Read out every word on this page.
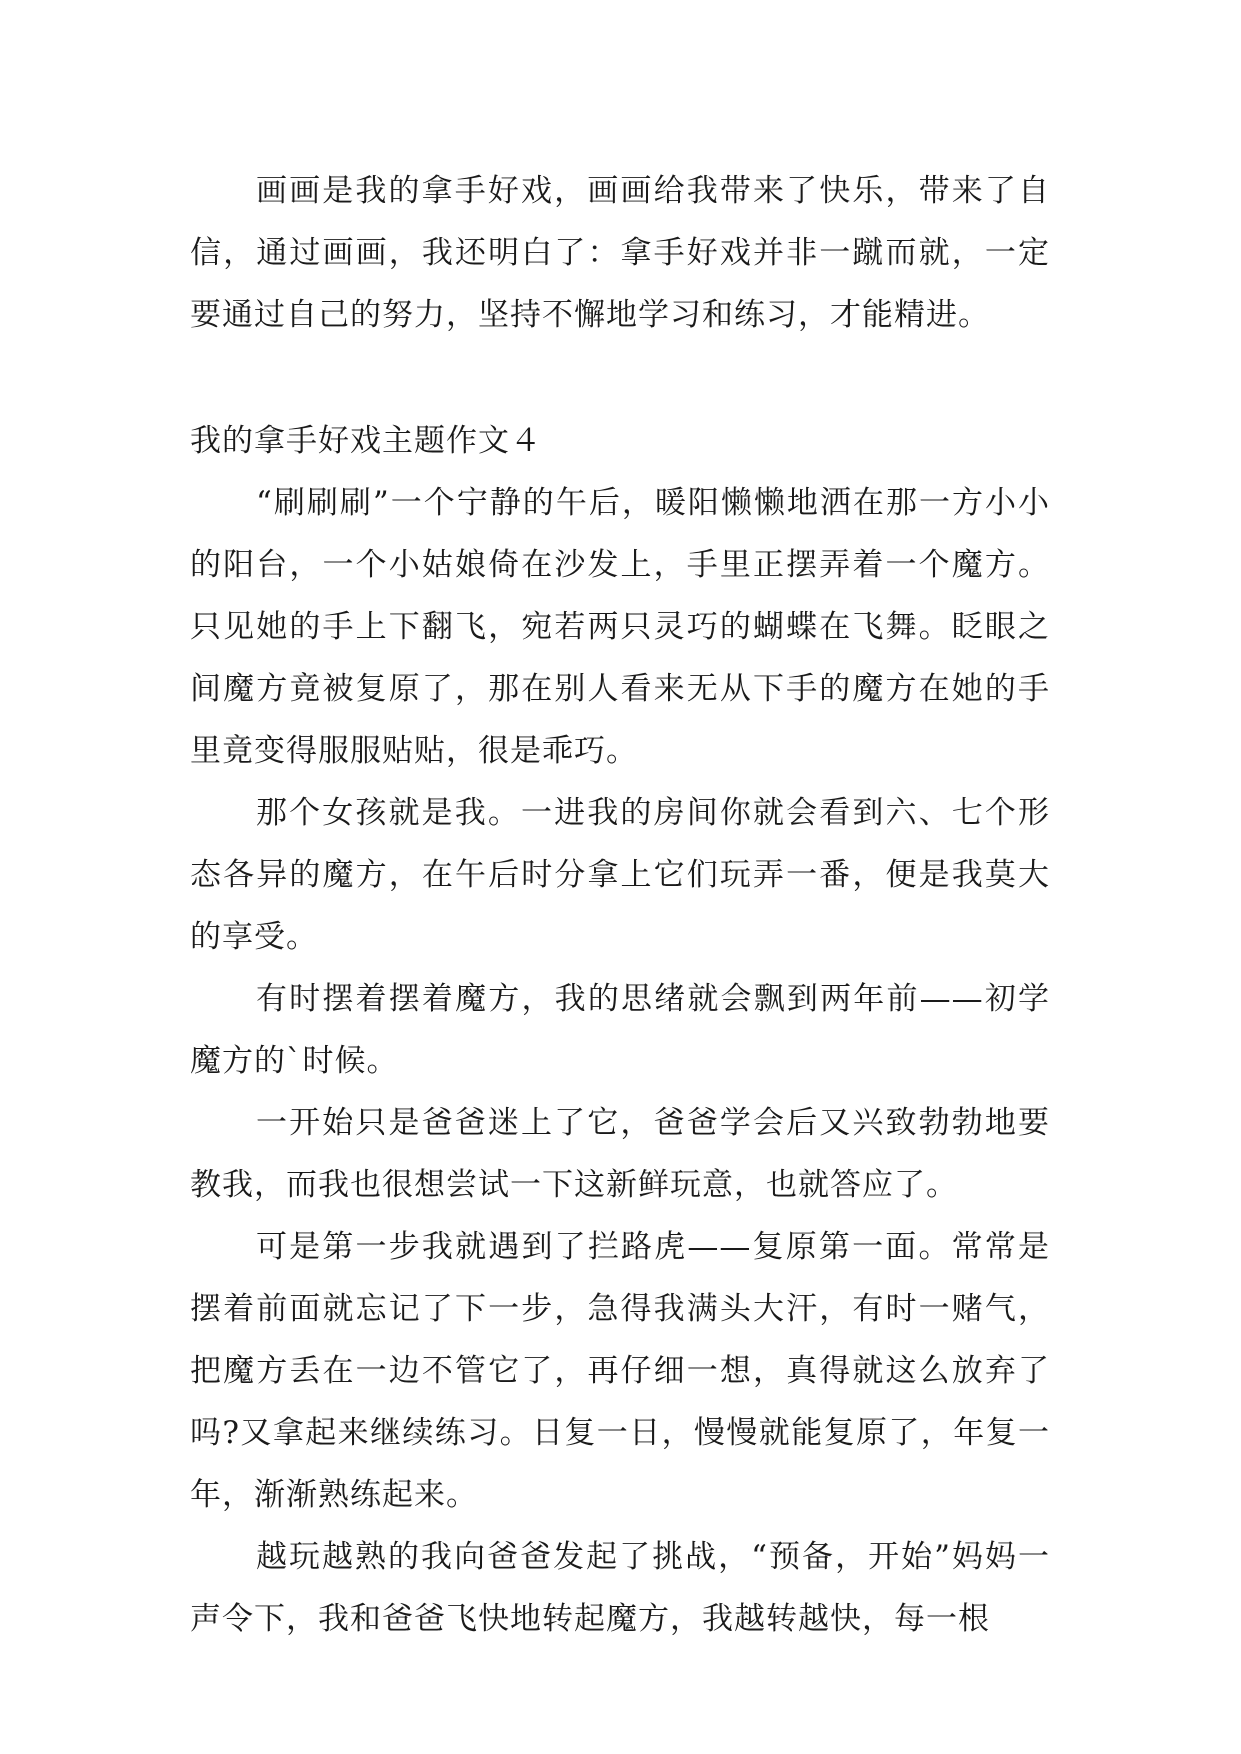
画画是我的拿手好戏，画画给我带来了快乐，带来了自信，通过画画，我还明白了：拿手好戏并非一蹴而就，一定要通过自己的努力，坚持不懈地学习和练习，才能精进。

我的拿手好戏主题作文４

“刷刷刷”一个宁静的午后，暖阳懒懒地洒在那一方小小的阳台，一个小姑娘倚在沙发上，手里正摆弄着一个魔方。只见她的手上下翻飞，宛若两只灵巧的蝴蝶在飞舞。眨眼之间魔方竟被复原了，那在别人看来无从下手的魔方在她的手里竟变得服服贴贴，很是乖巧。

那个女孩就是我。一进我的房间你就会看到六、七个形态各异的魔方，在午后时分拿上它们玩弄一番，便是我莫大的享受。

有时摆着摆着魔方，我的思绪就会飘到两年前——初学魔方的`时候。

一开始只是爸爸迷上了它，爸爸学会后又兴致勃勃地要教我，而我也很想尝试一下这新鲜玩意，也就答应了。

可是第一步我就遇到了拦路虎——复原第一面。常常是摆着前面就忘记了下一步，急得我满头大汗，有时一赌气，把魔方丢在一边不管它了，再仔细一想，真得就这么放弃了吗?又拿起来继续练习。日复一日，慢慢就能复原了，年复一年，渐渐熟练起来。

越玩越熟的我向爸爸发起了挑战，“预备，开始”妈妈一声令下，我和爸爸飞快地转起魔方，我越转越快，每一根
